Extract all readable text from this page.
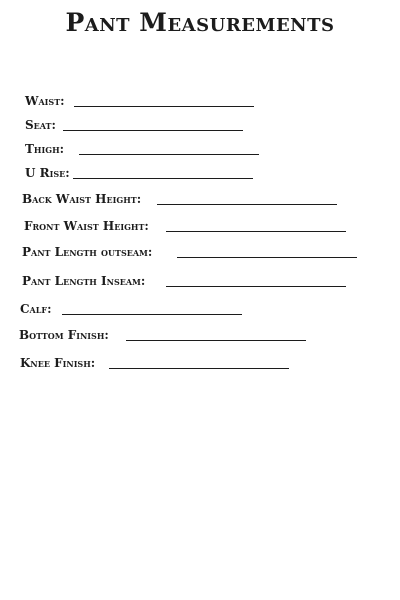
Pant Measurements
Waist:
Seat:
Thigh:
U Rise:
Back Waist Height:
Front Waist Height:
Pant Length outseam:
Pant Length Inseam:
Calf:
Bottom Finish:
Knee Finish:
